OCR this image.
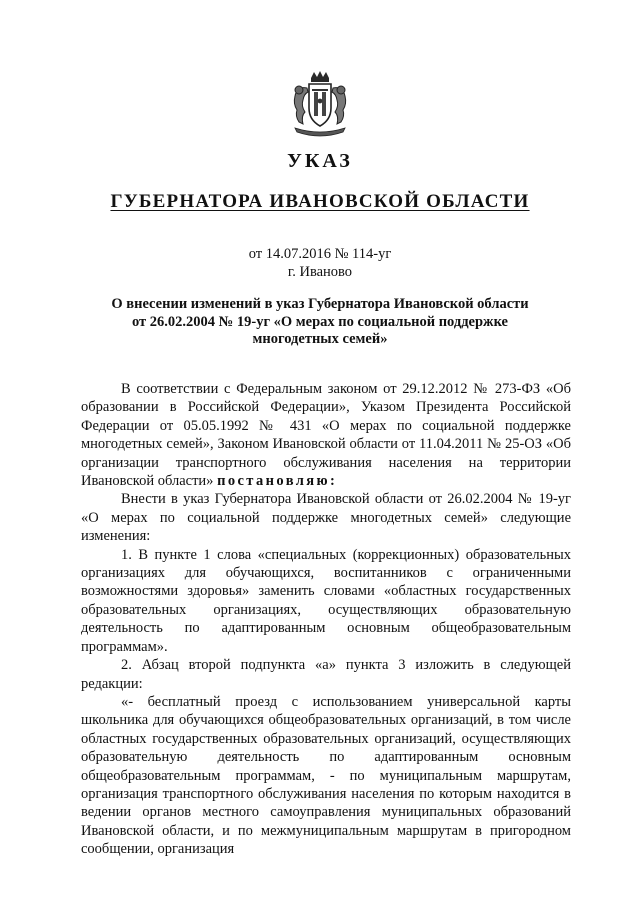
УКАЗ
ГУБЕРНАТОРА ИВАНОВСКОЙ ОБЛАСТИ
от 14.07.2016 № 114-уг
г. Иваново
О внесении изменений в указ Губернатора Ивановской области
от 26.02.2004 № 19-уг «О мерах по социальной поддержке
многодетных семей»

В соответствии с Федеральным законом от 29.12.2012 № 273-ФЗ «Об образовании в Российской Федерации», Указом Президента Российской Федерации от 05.05.1992 № 431 «О мерах по социальной поддержке многодетных семей», Законом Ивановской области от 11.04.2011 № 25-ОЗ «Об организации транспортного обслуживания населения на территории Ивановской области» постановляю:

Внести в указ Губернатора Ивановской области от 26.02.2004 № 19-уг «О мерах по социальной поддержке многодетных семей» следующие изменения:

1. В пункте 1 слова «специальных (коррекционных) образовательных организациях для обучающихся, воспитанников с ограниченными возможностями здоровья» заменить словами «областных государственных образовательных организациях, осуществляющих образовательную деятельность по адаптированным основным общеобразовательным программам».

2. Абзац второй подпункта «а» пункта 3 изложить в следующей редакции:

«- бесплатный проезд с использованием универсальной карты школьника для обучающихся общеобразовательных организаций, в том числе областных государственных образовательных организаций, осуществляющих образовательную деятельность по адаптированным основным общеобразовательным программам, - по муниципальным маршрутам, организация транспортного обслуживания населения по которым находится в ведении органов местного самоуправления муниципальных образований Ивановской области, и по межмуниципальным маршрутам в пригородном сообщении, организация
